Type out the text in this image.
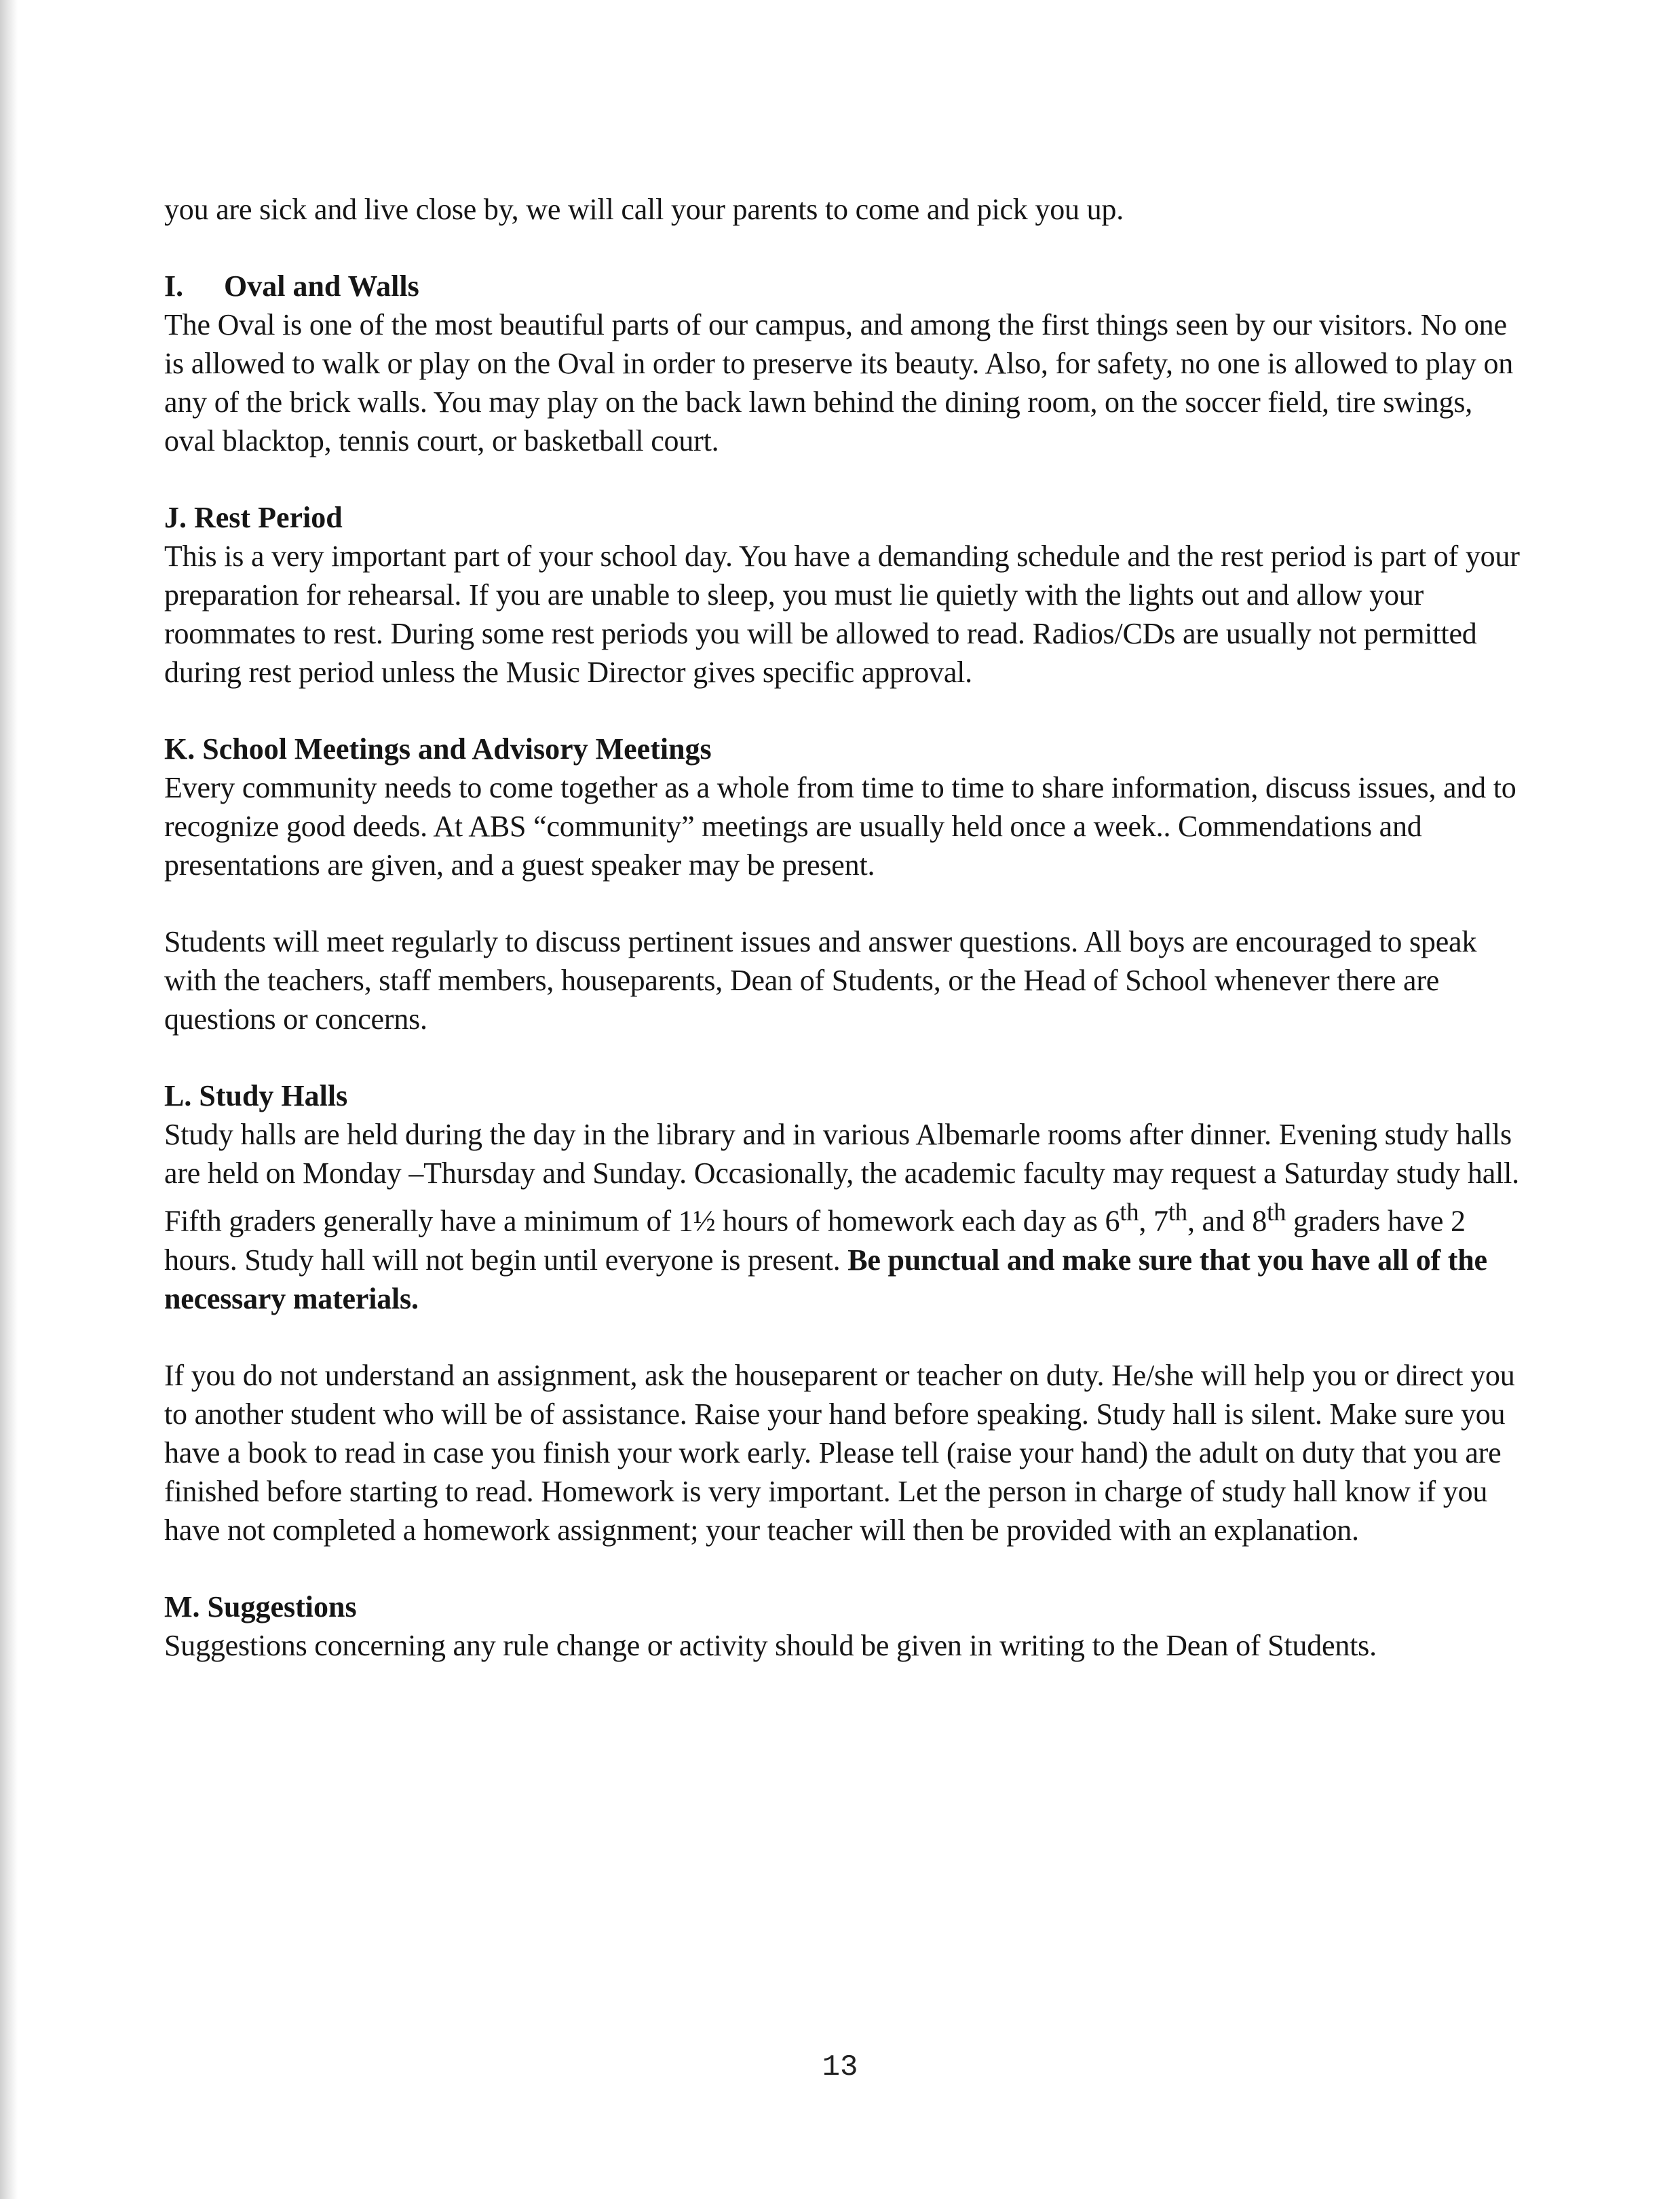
you are sick and live close by, we will call your parents to come and pick you up.

I. Oval and Walls

The Oval is one of the most beautiful parts of our campus, and among the first things seen by our visitors. No one is allowed to walk or play on the Oval in order to preserve its beauty. Also, for safety, no one is allowed to play on any of the brick walls. You may play on the back lawn behind the dining room, on the soccer field, tire swings, oval blacktop, tennis court, or basketball court.

J. Rest Period

This is a very important part of your school day. You have a demanding schedule and the rest period is part of your preparation for rehearsal. If you are unable to sleep, you must lie quietly with the lights out and allow your roommates to rest. During some rest periods you will be allowed to read. Radios/CDs are usually not permitted during rest period unless the Music Director gives specific approval.

K. School Meetings and Advisory Meetings

Every community needs to come together as a whole from time to time to share information, discuss issues, and to recognize good deeds. At ABS “community” meetings are usually held once a week.. Commendations and presentations are given, and a guest speaker may be present.

Students will meet regularly to discuss pertinent issues and answer questions. All boys are encouraged to speak with the teachers, staff members, houseparents, Dean of Students, or the Head of School whenever there are questions or concerns.

L. Study Halls

Study halls are held during the day in the library and in various Albemarle rooms after dinner. Evening study halls are held on Monday –Thursday and Sunday. Occasionally, the academic faculty may request a Saturday study hall. Fifth graders generally have a minimum of 1½ hours of homework each day as 6th, 7th, and 8th graders have 2 hours. Study hall will not begin until everyone is present. Be punctual and make sure that you have all of the necessary materials.

If you do not understand an assignment, ask the houseparent or teacher on duty. He/she will help you or direct you to another student who will be of assistance. Raise your hand before speaking. Study hall is silent. Make sure you have a book to read in case you finish your work early. Please tell (raise your hand) the adult on duty that you are finished before starting to read. Homework is very important. Let the person in charge of study hall know if you have not completed a homework assignment; your teacher will then be provided with an explanation.

M. Suggestions

Suggestions concerning any rule change or activity should be given in writing to the Dean of Students.

13
